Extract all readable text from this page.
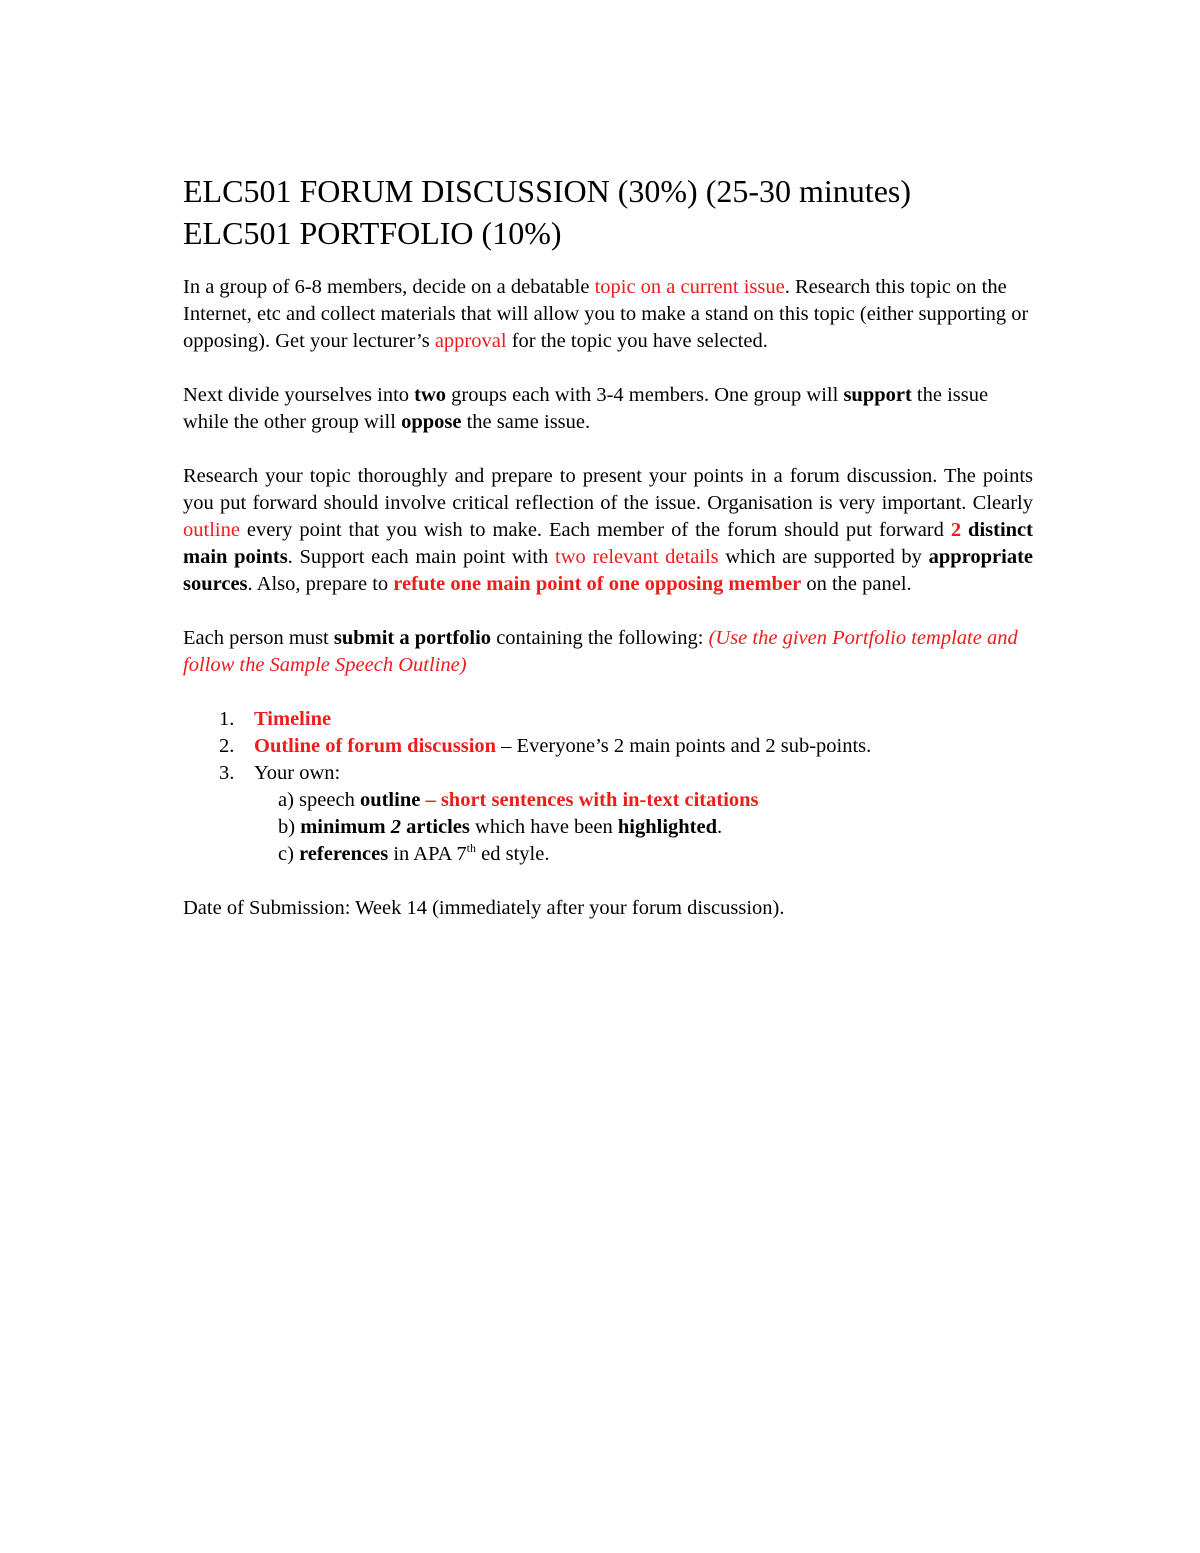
ELC501 FORUM DISCUSSION (30%) (25-30 minutes)
ELC501 PORTFOLIO (10%)

In a group of 6-8 members, decide on a debatable topic on a current issue. Research this topic on the Internet, etc and collect materials that will allow you to make a stand on this topic (either supporting or opposing). Get your lecturer’s approval for the topic you have selected.

Next divide yourselves into two groups each with 3-4 members. One group will support the issue while the other group will oppose the same issue.

Research your topic thoroughly and prepare to present your points in a forum discussion. The points you put forward should involve critical reflection of the issue. Organisation is very important. Clearly outline every point that you wish to make. Each member of the forum should put forward 2 distinct main points. Support each main point with two relevant details which are supported by appropriate sources. Also, prepare to refute one main point of one opposing member on the panel.

Each person must submit a portfolio containing the following: (Use the given Portfolio template and follow the Sample Speech Outline)

1. Timeline
2. Outline of forum discussion – Everyone’s 2 main points and 2 sub-points.
3. Your own:
a) speech outline – short sentences with in-text citations
b) minimum 2 articles which have been highlighted.
c) references in APA 7th ed style.

Date of Submission: Week 14 (immediately after your forum discussion).
